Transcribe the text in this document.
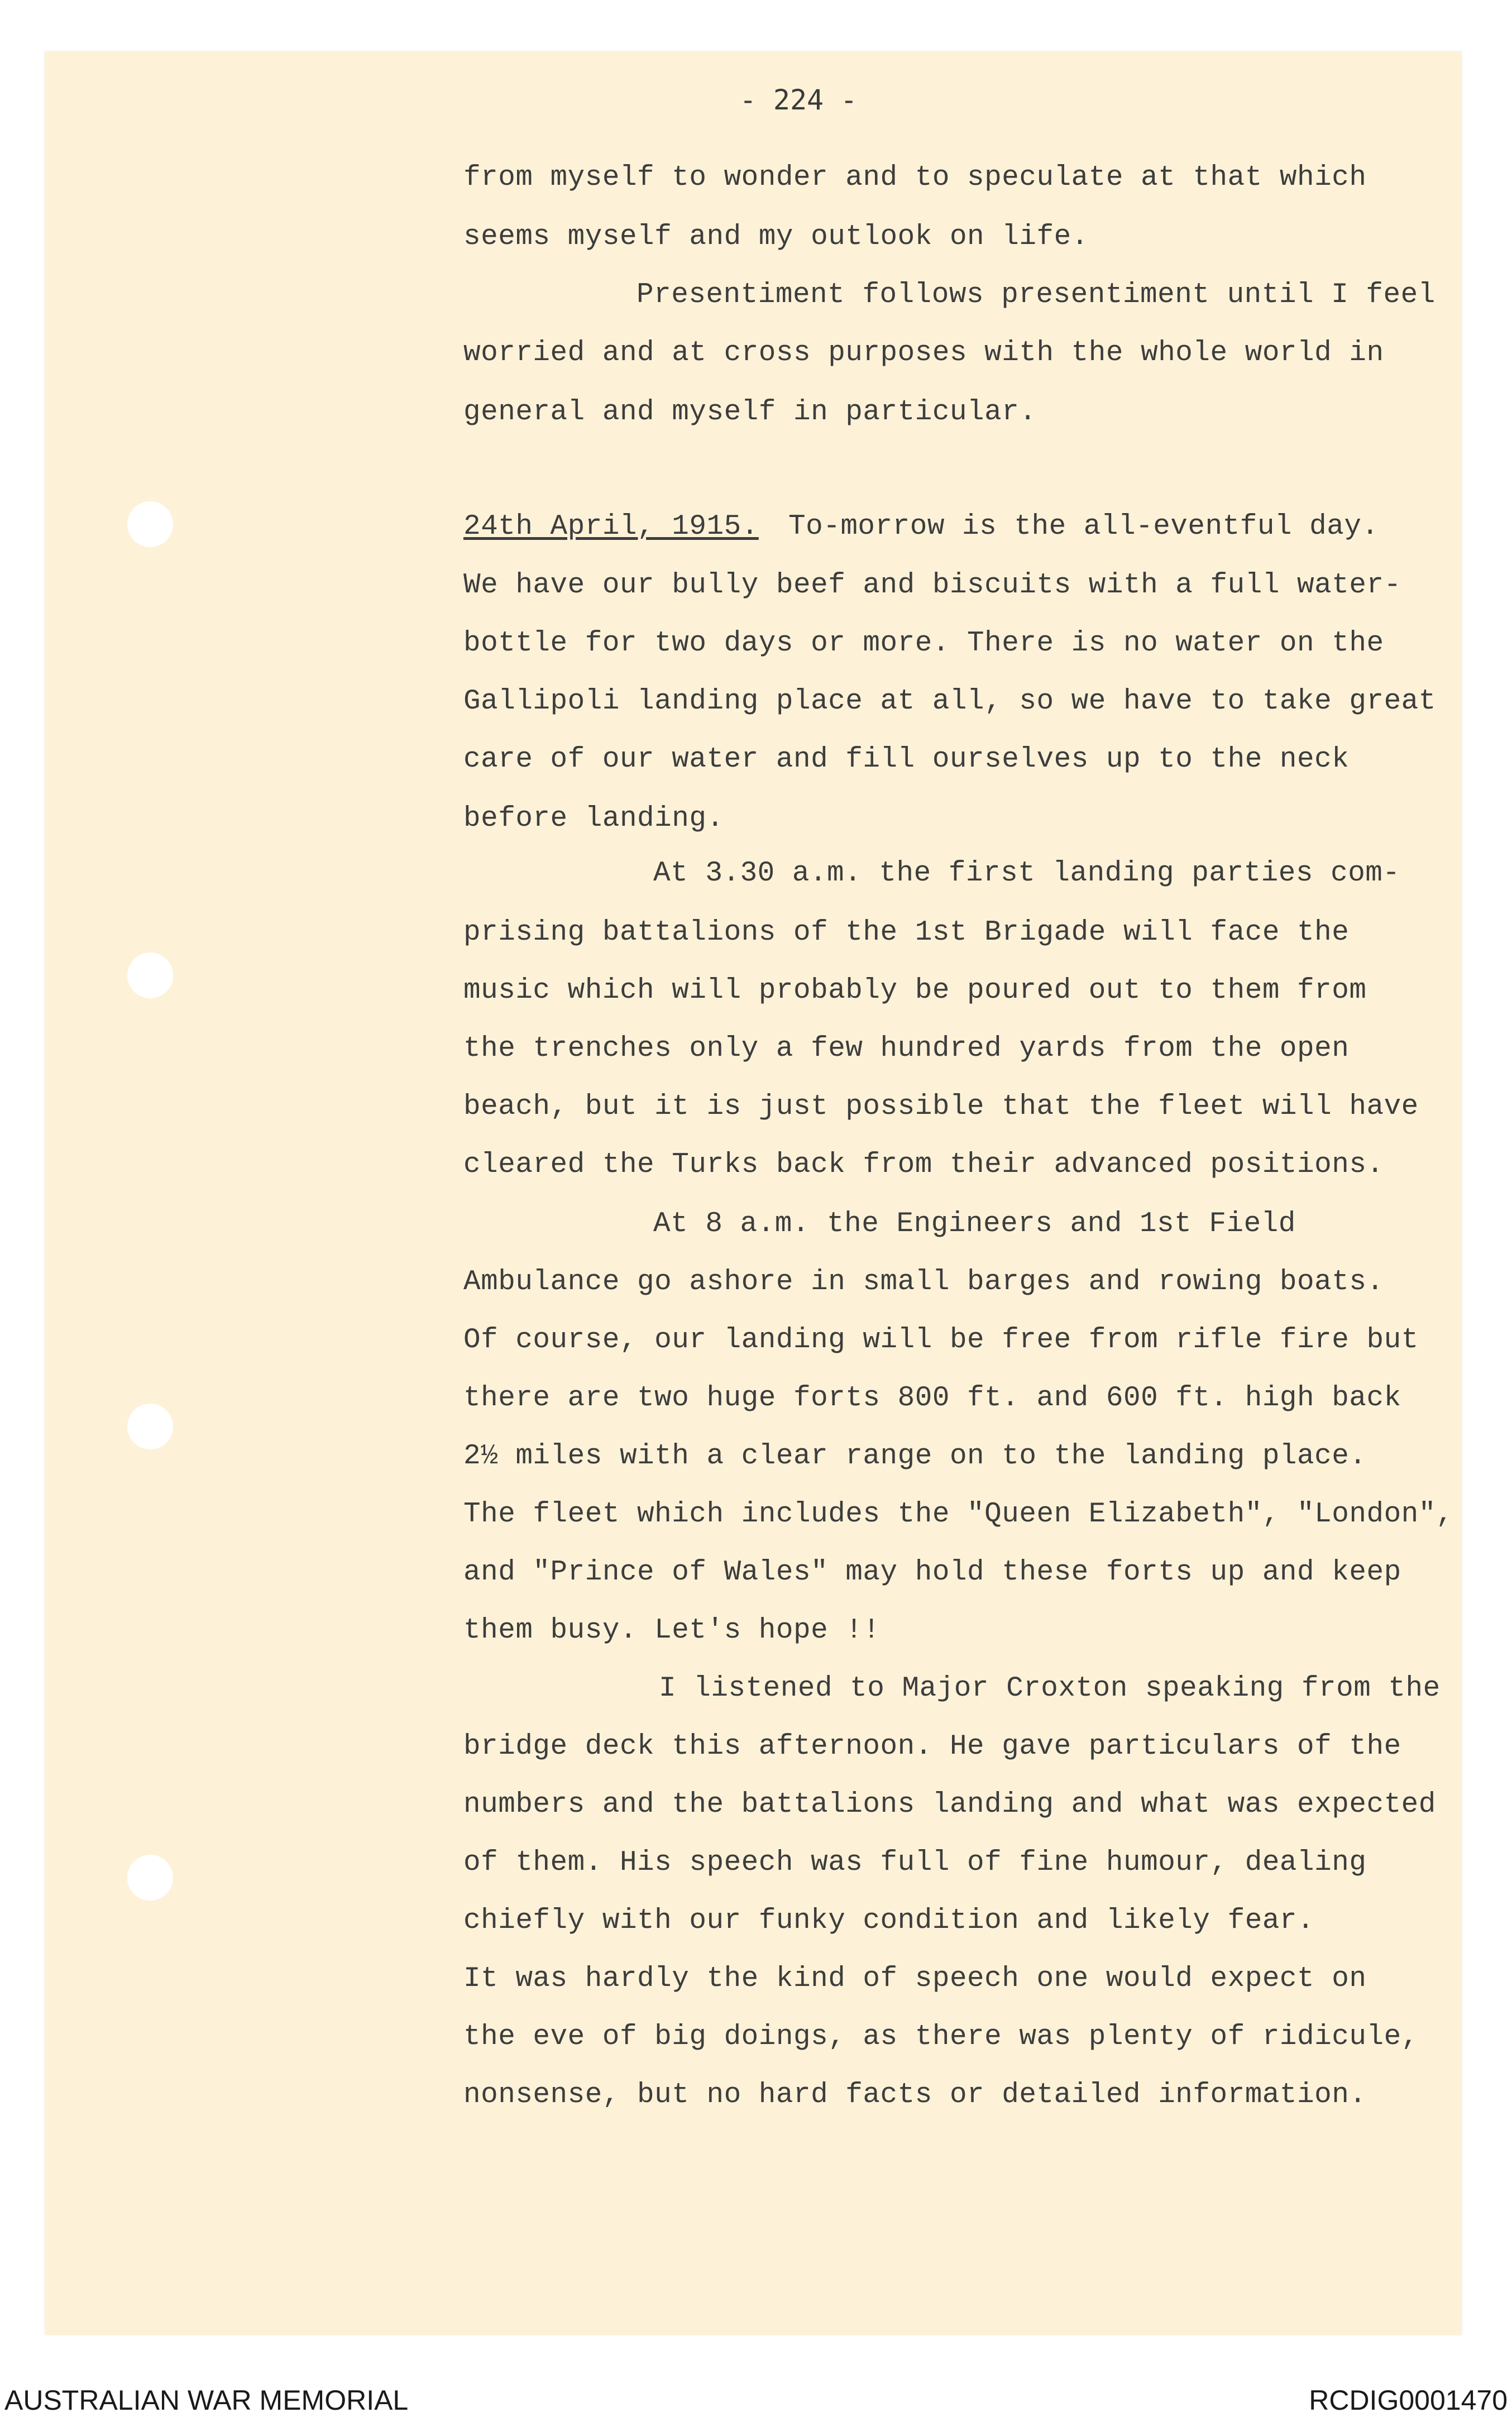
- 224 -
from myself to wonder and to speculate at that which
seems myself and my outlook on life.
Presentiment follows presentiment until I feel
worried and at cross purposes with the whole world in
general and myself in particular.
24th April, 1915. To-morrow is the all-eventful day.
We have our bully beef and biscuits with a full water-
bottle for two days or more. There is no water on the
Gallipoli landing place at all, so we have to take great
care of our water and fill ourselves up to the neck
before landing.
At 3.30 a.m. the first landing parties com-
prising battalions of the 1st Brigade will face the
music which will probably be poured out to them from
the trenches only a few hundred yards from the open
beach, but it is just possible that the fleet will have
cleared the Turks back from their advanced positions.
At 8 a.m. the Engineers and 1st Field
Ambulance go ashore in small barges and rowing boats.
Of course, our landing will be free from rifle fire but
there are two huge forts 800 ft. and 600 ft. high back
2½ miles with a clear range on to the landing place.
The fleet which includes the "Queen Elizabeth", "London",
and "Prince of Wales" may hold these forts up and keep
them busy. Let's hope !!
I listened to Major Croxton speaking from the
bridge deck this afternoon. He gave particulars of the
numbers and the battalions landing and what was expected
of them. His speech was full of fine humour, dealing
chiefly with our funky condition and likely fear.
It was hardly the kind of speech one would expect on
the eve of big doings, as there was plenty of ridicule,
nonsense, but no hard facts or detailed information.
AUSTRALIAN WAR MEMORIAL	RCDIG0001470
